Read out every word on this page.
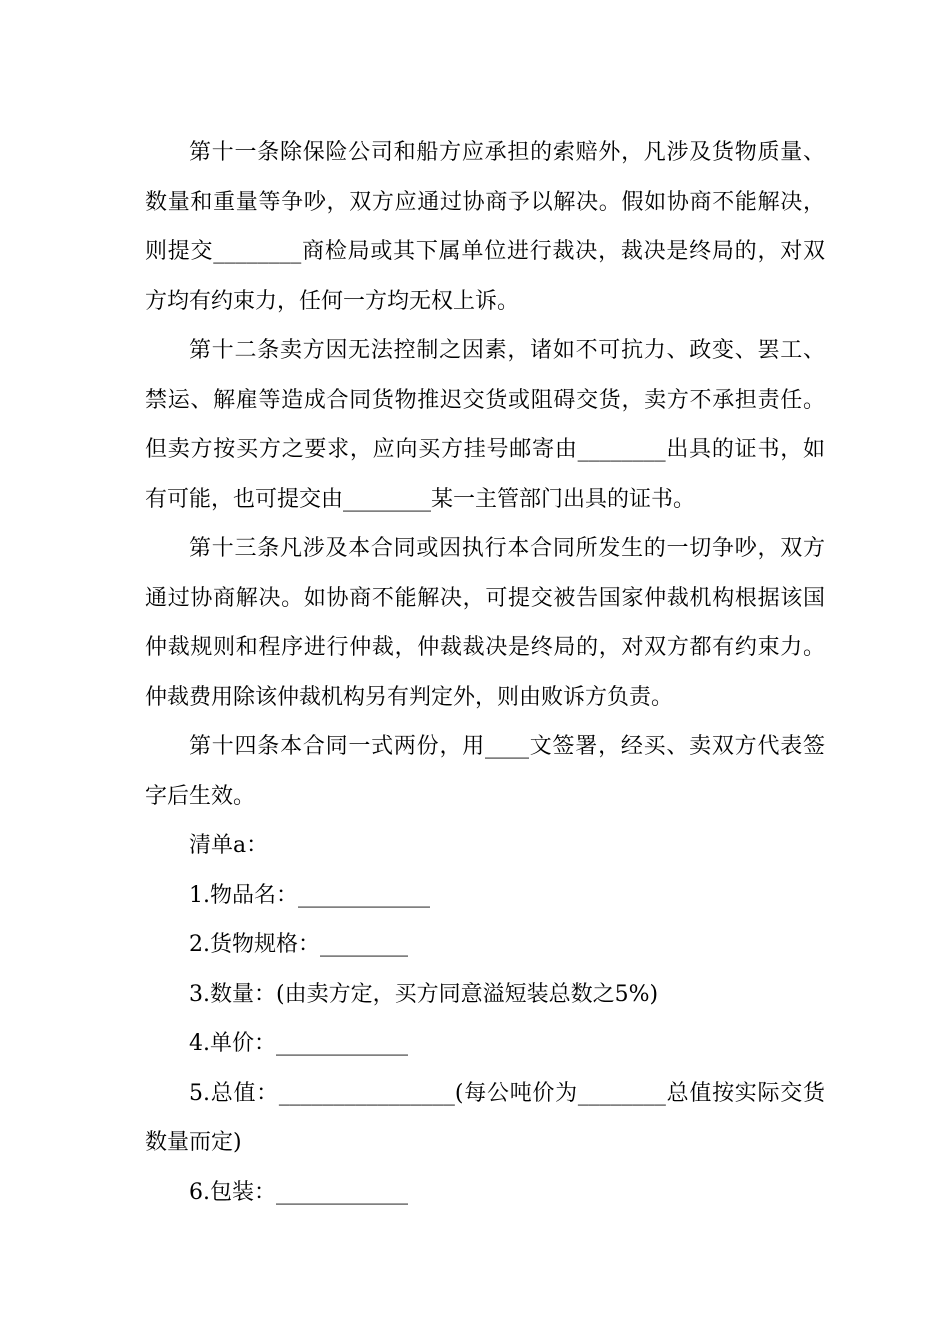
第十一条除保险公司和船方应承担的索赔外，凡涉及货物质量、数量和重量等争吵，双方应通过协商予以解决。假如协商不能解决，则提交________商检局或其下属单位进行裁决，裁决是终局的，对双方均有约束力，任何一方均无权上诉。

第十二条卖方因无法控制之因素，诸如不可抗力、政变、罢工、禁运、解雇等造成合同货物推迟交货或阻碍交货，卖方不承担责任。但卖方按买方之要求，应向买方挂号邮寄由________出具的证书，如有可能，也可提交由________某一主管部门出具的证书。

第十三条凡涉及本合同或因执行本合同所发生的一切争吵，双方通过协商解决。如协商不能解决，可提交被告国家仲裁机构根据该国仲裁规则和程序进行仲裁，仲裁裁决是终局的，对双方都有约束力。仲裁费用除该仲裁机构另有判定外，则由败诉方负责。

第十四条本合同一式两份，用____文签署，经买、卖双方代表签字后生效。

清单a：

1.物品名：____________

2.货物规格：________

3.数量：(由卖方定，买方同意溢短装总数之5%)

4.单价：____________

5.总值：________________(每公吨价为________总值按实际交货数量而定)

6.包装：____________
